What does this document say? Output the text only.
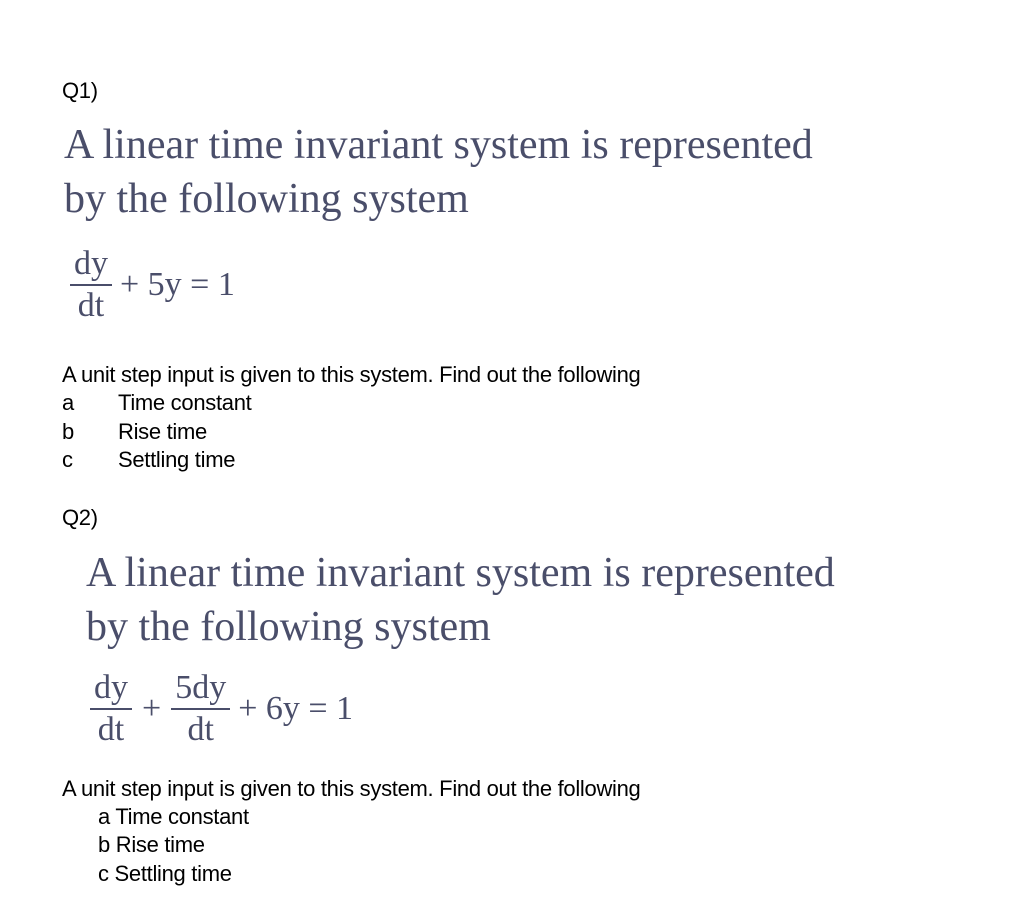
Q1)
A linear time invariant system is represented
by the following system
$\frac{dy}{dt} + 5y = 1$
A unit step input is given to this system. Find out the following
a	Time constant
b	Rise time
c	Settling time
Q2)
A linear time invariant system is represented
by the following system
$\frac{dy}{dt} + \frac{5dy}{dt} + 6y = 1$
A unit step input is given to this system. Find out the following
a Time constant
b Rise time
c Settling time
